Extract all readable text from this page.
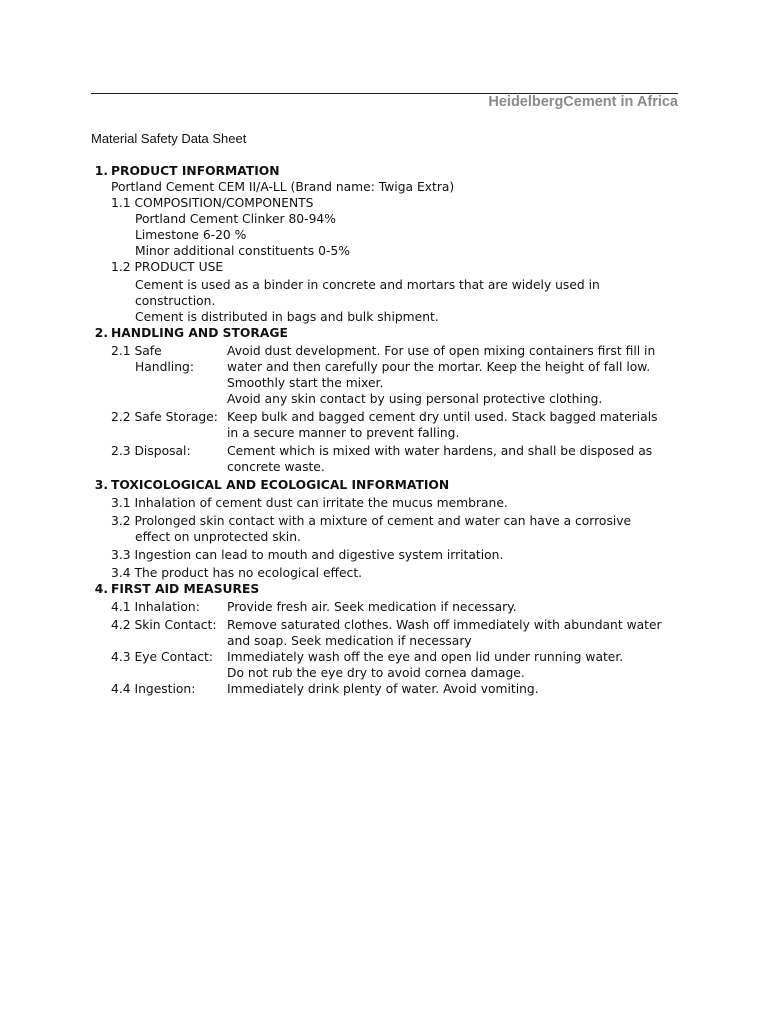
HeidelbergCement in Africa
Material Safety Data Sheet
1. PRODUCT INFORMATION
Portland Cement CEM II/A-LL (Brand name: Twiga Extra)
1.1 COMPOSITION/COMPONENTS
Portland Cement Clinker 80-94%
Limestone 6-20 %
Minor additional constituents 0-5%
1.2 PRODUCT USE
Cement is used as a binder in concrete and mortars that are widely used in
construction.
Cement is distributed in bags and bulk shipment.
2. HANDLING AND STORAGE
2.1 Safe	Avoid dust development. For use of open mixing containers first fill in
Handling:	water and then carefully pour the mortar. Keep the height of fall low.
Smoothly start the mixer.
Avoid any skin contact by using personal protective clothing.
2.2 Safe Storage: Keep bulk and bagged cement dry until used. Stack bagged materials
in a secure manner to prevent falling.
2.3 Disposal:	Cement which is mixed with water hardens, and shall be disposed as
concrete waste.
3. TOXICOLOGICAL AND ECOLOGICAL INFORMATION
3.1 Inhalation of cement dust can irritate the mucus membrane.
3.2 Prolonged skin contact with a mixture of cement and water can have a corrosive
effect on unprotected skin.
3.3 Ingestion can lead to mouth and digestive system irritation.
3.4 The product has no ecological effect.
4. FIRST AID MEASURES
4.1 Inhalation: Provide fresh air. Seek medication if necessary.
4.2 Skin Contact: Remove saturated clothes. Wash off immediately with abundant water
and soap. Seek medication if necessary
4.3 Eye Contact: Immediately wash off the eye and open lid under running water.
Do not rub the eye dry to avoid cornea damage.
4.4 Ingestion:	Immediately drink plenty of water. Avoid vomiting.
